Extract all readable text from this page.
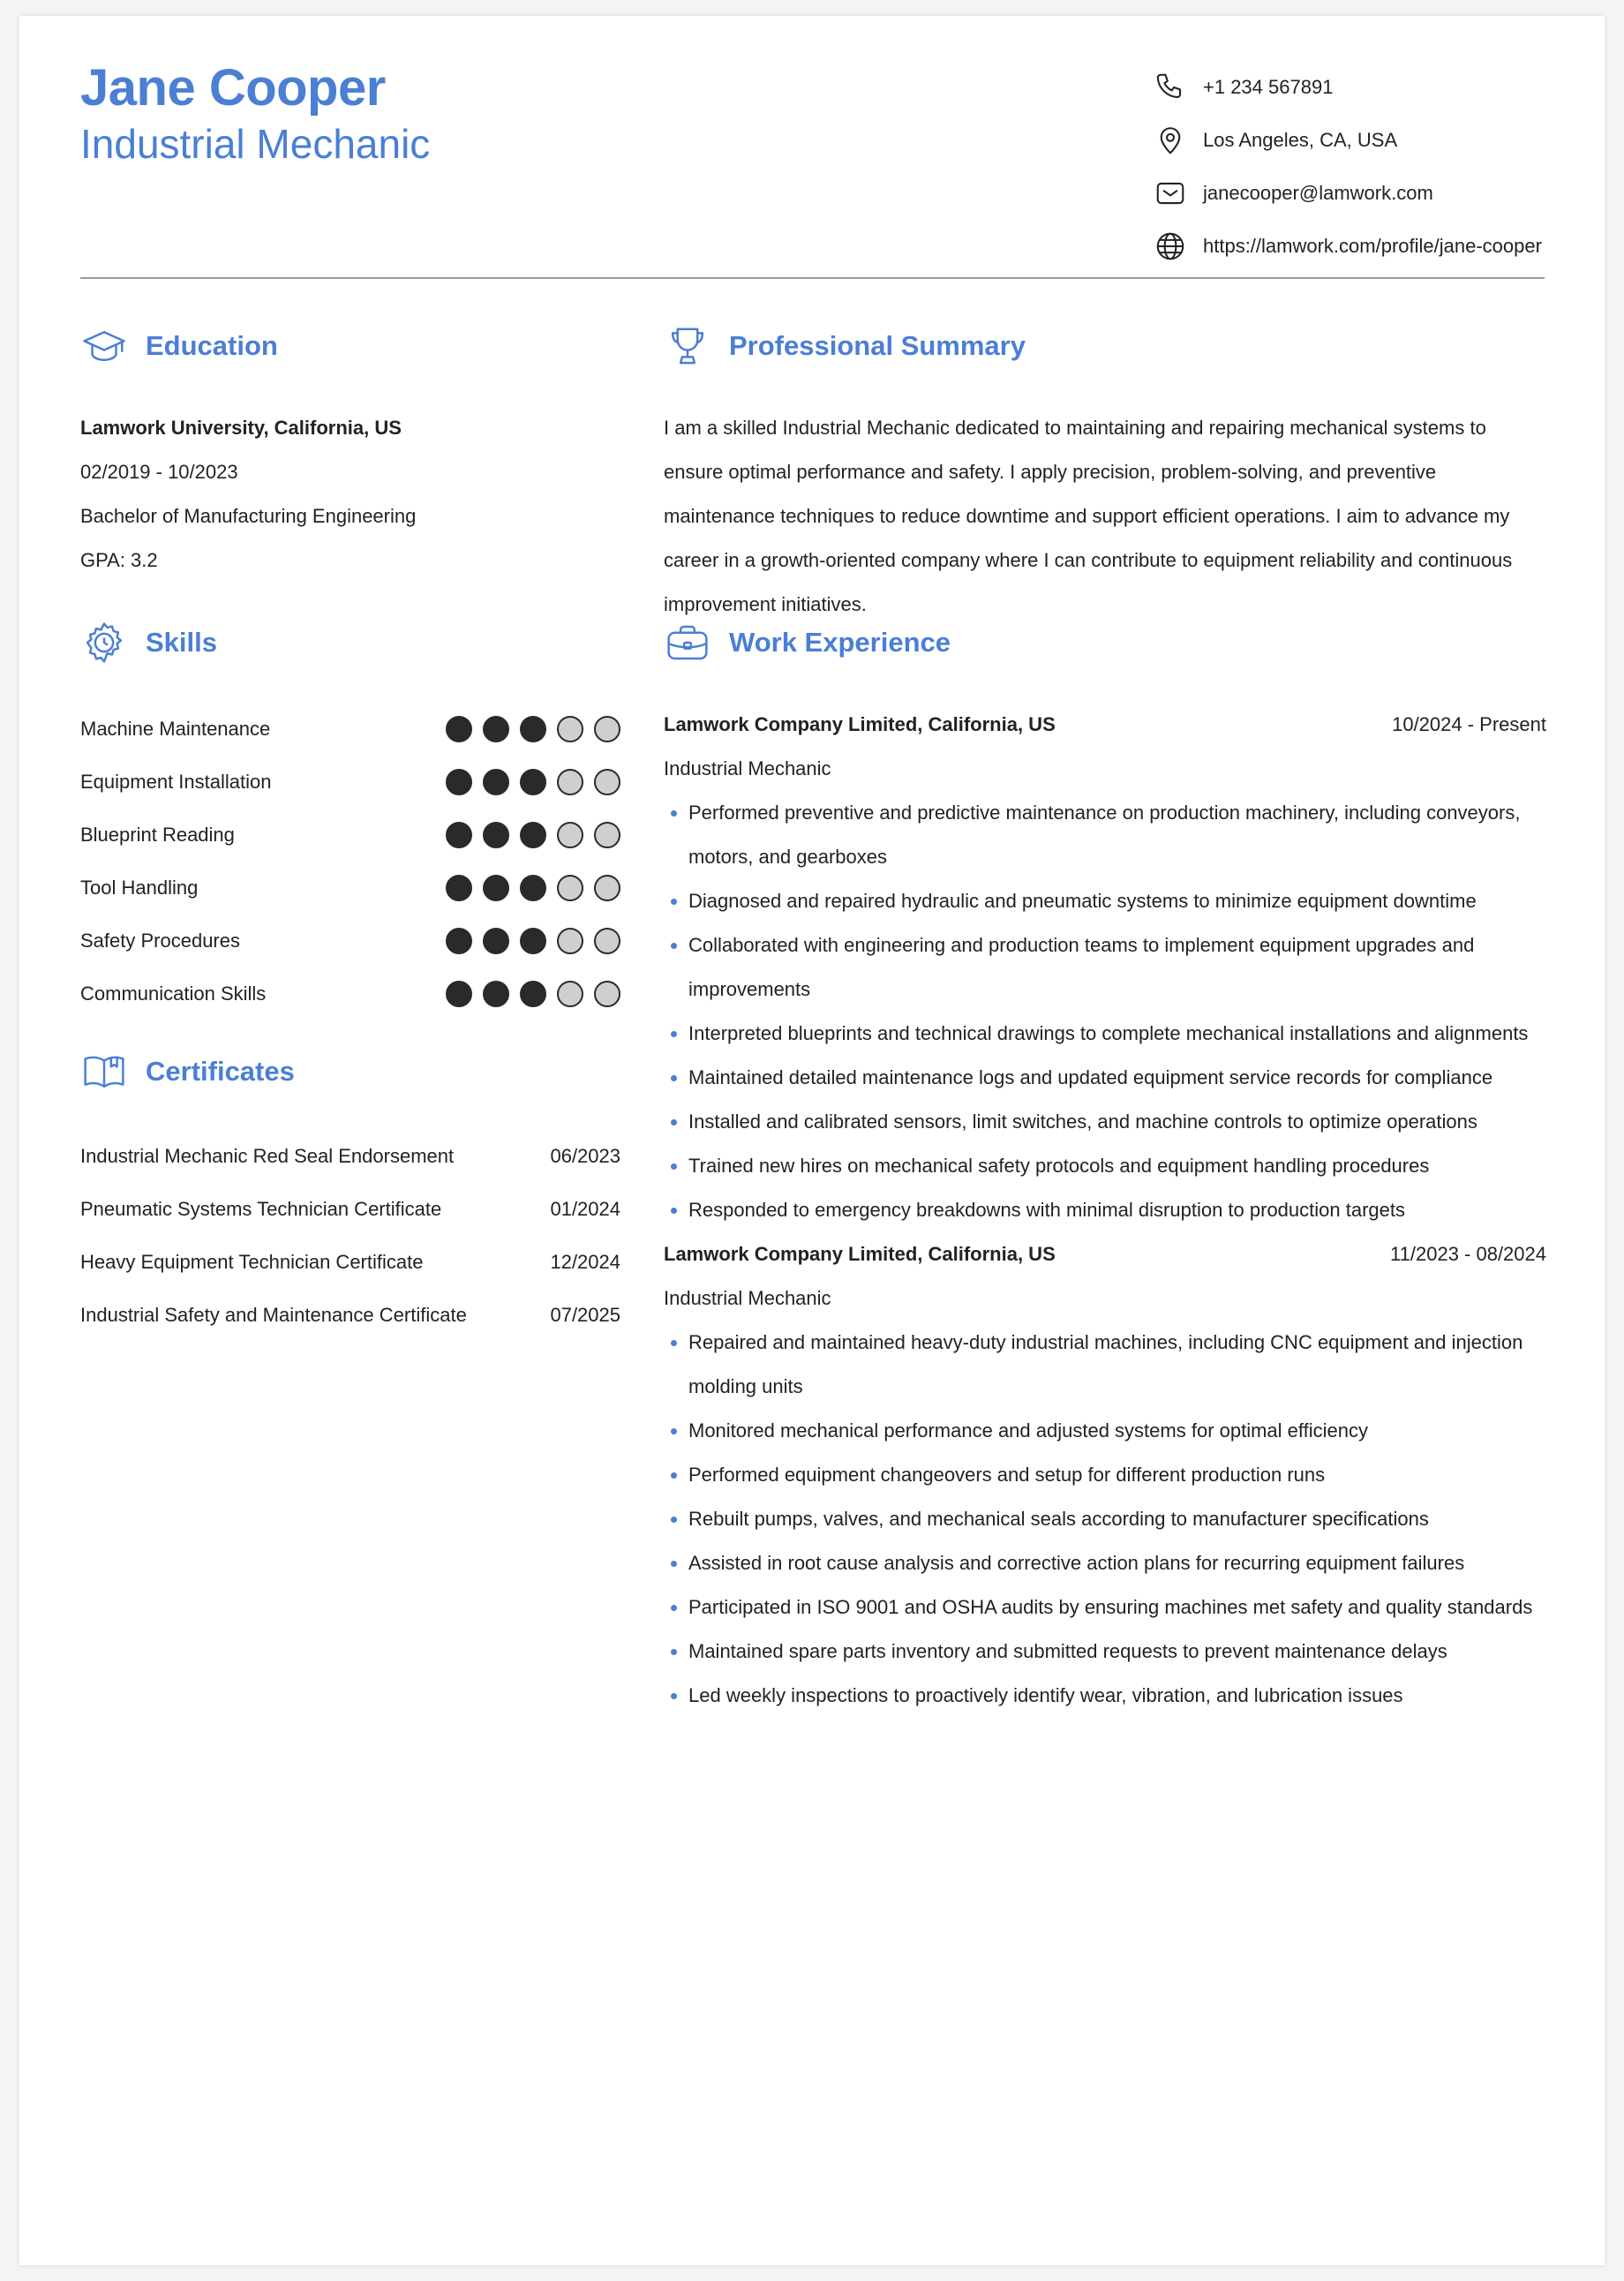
Jane Cooper
Industrial Mechanic
+1 234 567891
Los Angeles, CA, USA
janecooper@lamwork.com
https://lamwork.com/profile/jane-cooper
Education
Lamwork University, California, US
02/2019 - 10/2023
Bachelor of Manufacturing Engineering
GPA: 3.2
Skills
Machine Maintenance
Equipment Installation
Blueprint Reading
Tool Handling
Safety Procedures
Communication Skills
Certificates
Industrial Mechanic Red Seal Endorsement	06/2023
Pneumatic Systems Technician Certificate	01/2024
Heavy Equipment Technician Certificate	12/2024
Industrial Safety and Maintenance Certificate	07/2025
Professional Summary
I am a skilled Industrial Mechanic dedicated to maintaining and repairing mechanical systems to ensure optimal performance and safety. I apply precision, problem-solving, and preventive maintenance techniques to reduce downtime and support efficient operations. I aim to advance my career in a growth-oriented company where I can contribute to equipment reliability and continuous improvement initiatives.
Work Experience
Lamwork Company Limited, California, US	10/2024 - Present
Industrial Mechanic
Performed preventive and predictive maintenance on production machinery, including conveyors, motors, and gearboxes
Diagnosed and repaired hydraulic and pneumatic systems to minimize equipment downtime
Collaborated with engineering and production teams to implement equipment upgrades and improvements
Interpreted blueprints and technical drawings to complete mechanical installations and alignments
Maintained detailed maintenance logs and updated equipment service records for compliance
Installed and calibrated sensors, limit switches, and machine controls to optimize operations
Trained new hires on mechanical safety protocols and equipment handling procedures
Responded to emergency breakdowns with minimal disruption to production targets
Lamwork Company Limited, California, US	11/2023 - 08/2024
Industrial Mechanic
Repaired and maintained heavy-duty industrial machines, including CNC equipment and injection molding units
Monitored mechanical performance and adjusted systems for optimal efficiency
Performed equipment changeovers and setup for different production runs
Rebuilt pumps, valves, and mechanical seals according to manufacturer specifications
Assisted in root cause analysis and corrective action plans for recurring equipment failures
Participated in ISO 9001 and OSHA audits by ensuring machines met safety and quality standards
Maintained spare parts inventory and submitted requests to prevent maintenance delays
Led weekly inspections to proactively identify wear, vibration, and lubrication issues
